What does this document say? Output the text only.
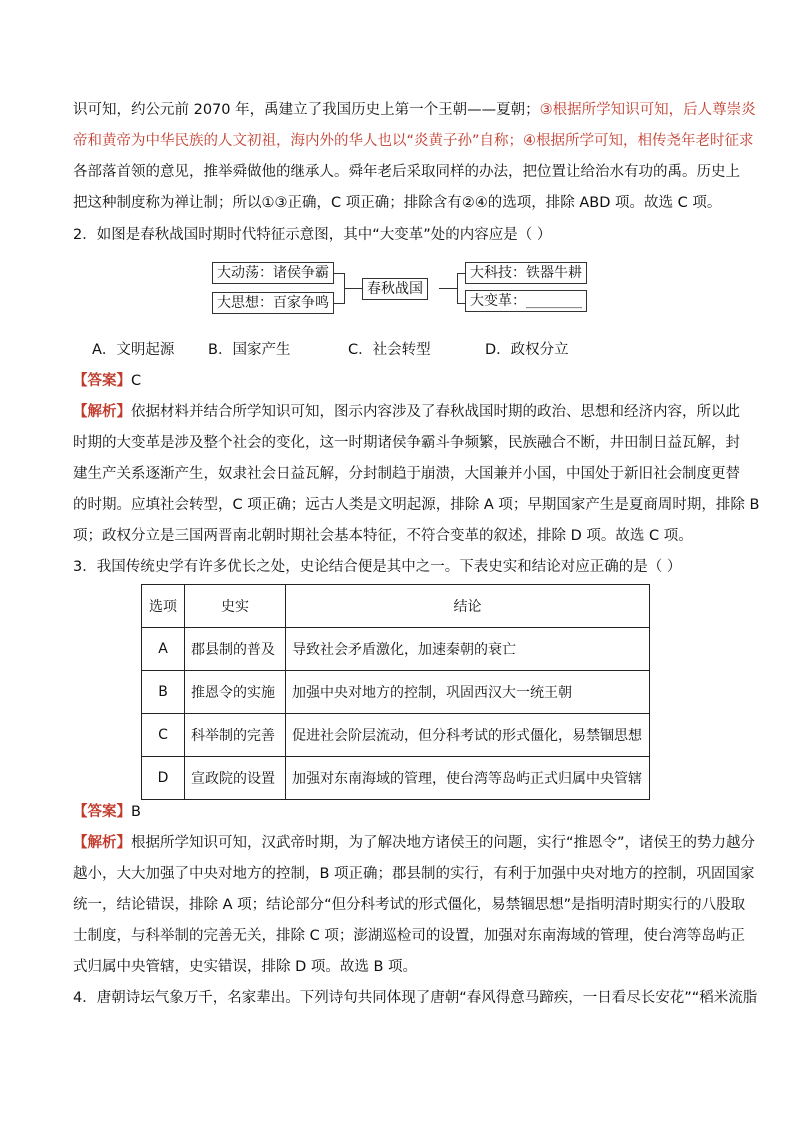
识可知，约公元前 2070 年，禹建立了我国历史上第一个王朝——夏朝；③根据所学知识可知，后人尊崇炎
帝和黄帝为中华民族的人文初祖，海内外的华人也以“炎黄子孙”自称；④根据所学可知，相传尧年老时征求
各部落首领的意见，推举舜做他的继承人。舜年老后采取同样的办法，把位置让给治水有功的禹。历史上
把这种制度称为禅让制；所以①③正确，C 项正确；排除含有②④的选项，排除 ABD 项。故选 C 项。
2．如图是春秋战国时期时代特征示意图，其中“大变革”处的内容应是（ ）
大动荡：诸侯争霸
大思想：百家争鸣
春秋战国
大科技：铁器牛耕
大变革：________
A．文明起源 B．国家产生	C．社会转型	D．政权分立
【答案】C
【解析】依据材料并结合所学知识可知，图示内容涉及了春秋战国时期的政治、思想和经济内容，所以此
时期的大变革是涉及整个社会的变化，这一时期诸侯争霸斗争频繁，民族融合不断，井田制日益瓦解，封
建生产关系逐渐产生，奴隶社会日益瓦解，分封制趋于崩溃，大国兼并小国，中国处于新旧社会制度更替
的时期。应填社会转型，C 项正确；远古人类是文明起源，排除 A 项；早期国家产生是夏商周时期，排除 B
项；政权分立是三国两晋南北朝时期社会基本特征，不符合变革的叙述，排除 D 项。故选 C 项。
3．我国传统史学有许多优长之处，史论结合便是其中之一。下表史实和结论对应正确的是（ ）
选项	史实	结论
A	郡县制的普及	导致社会矛盾激化，加速秦朝的衰亡
B	推恩令的实施	加强中央对地方的控制，巩固西汉大一统王朝
C	科举制的完善	促进社会阶层流动，但分科考试的形式僵化，易禁锢思想
D	宣政院的设置	加强对东南海域的管理，使台湾等岛屿正式归属中央管辖
【答案】B
【解析】根据所学知识可知，汉武帝时期，为了解决地方诸侯王的问题，实行“推恩令”，诸侯王的势力越分
越小，大大加强了中央对地方的控制，B 项正确；郡县制的实行，有利于加强中央对地方的控制，巩固国家
统一，结论错误，排除 A 项；结论部分“但分科考试的形式僵化，易禁锢思想”是指明清时期实行的八股取
士制度，与科举制的完善无关，排除 C 项；澎湖巡检司的设置，加强对东南海域的管理，使台湾等岛屿正
式归属中央管辖，史实错误，排除 D 项。故选 B 项。
4．唐朝诗坛气象万千，名家辈出。下列诗句共同体现了唐朝“春风得意马蹄疾，一日看尽长安花”“稻米流脂
